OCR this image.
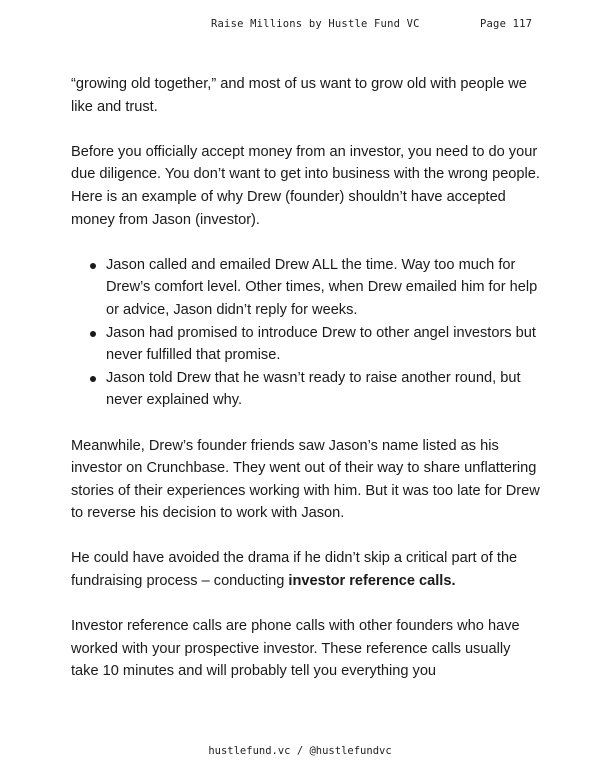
Raise Millions by Hustle Fund VC	Page 117

“growing old together,” and most of us want to grow old with people we like and trust.

Before you officially accept money from an investor, you need to do your due diligence. You don’t want to get into business with the wrong people. Here is an example of why Drew (founder) shouldn’t have accepted money from Jason (investor).

Jason called and emailed Drew ALL the time. Way too much for Drew’s comfort level. Other times, when Drew emailed him for help or advice, Jason didn’t reply for weeks.
Jason had promised to introduce Drew to other angel investors but never fulfilled that promise.
Jason told Drew that he wasn’t ready to raise another round, but never explained why.

Meanwhile, Drew’s founder friends saw Jason’s name listed as his investor on Crunchbase. They went out of their way to share unflattering stories of their experiences working with him. But it was too late for Drew to reverse his decision to work with Jason.

He could have avoided the drama if he didn’t skip a critical part of the fundraising process – conducting investor reference calls.

Investor reference calls are phone calls with other founders who have worked with your prospective investor. These reference calls usually take 10 minutes and will probably tell you everything you

hustlefund.vc / @hustlefundvc
